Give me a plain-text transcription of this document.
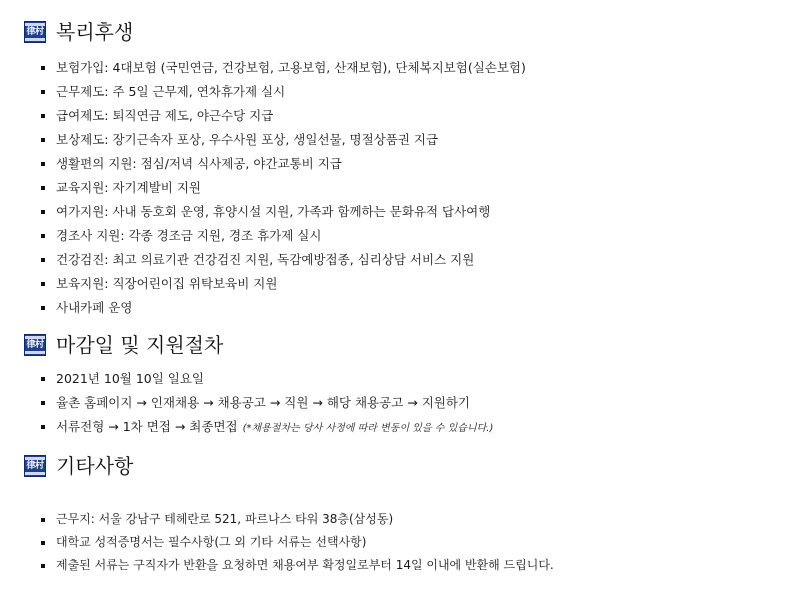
律村 복리후생
보험가입: 4대보험 (국민연금, 건강보험, 고용보험, 산재보험), 단체복지보험(실손보험)
근무제도: 주 5일 근무제, 연차휴가제 실시
급여제도: 퇴직연금 제도, 야근수당 지급
보상제도: 장기근속자 포상, 우수사원 포상, 생일선물, 명절상품권 지급
생활편의 지원: 점심/저녁 식사제공, 야간교통비 지급
교육지원: 자기계발비 지원
여가지원: 사내 동호회 운영, 휴양시설 지원, 가족과 함께하는 문화유적 답사여행
경조사 지원: 각종 경조금 지원, 경조 휴가제 실시
건강검진: 최고 의료기관 건강검진 지원, 독감예방접종, 심리상담 서비스 지원
보육지원: 직장어린이집 위탁보육비 지원
사내카페 운영
律村 마감일 및 지원절차
2021년 10월 10일 일요일
율촌 홈페이지 → 인재채용 → 채용공고 → 직원 → 해당 채용공고 → 지원하기
서류전형 → 1차 면접 → 최종면접 (*채용절차는 당사 사정에 따라 변동이 있을 수 있습니다.)
律村 기타사항
근무지: 서울 강남구 테헤란로 521, 파르나스 타워 38층(삼성동)
대학교 성적증명서는 필수사항(그 외 기타 서류는 선택사항)
제출된 서류는 구직자가 반환을 요청하면 채용여부 확정일로부터 14일 이내에 반환해 드립니다.
